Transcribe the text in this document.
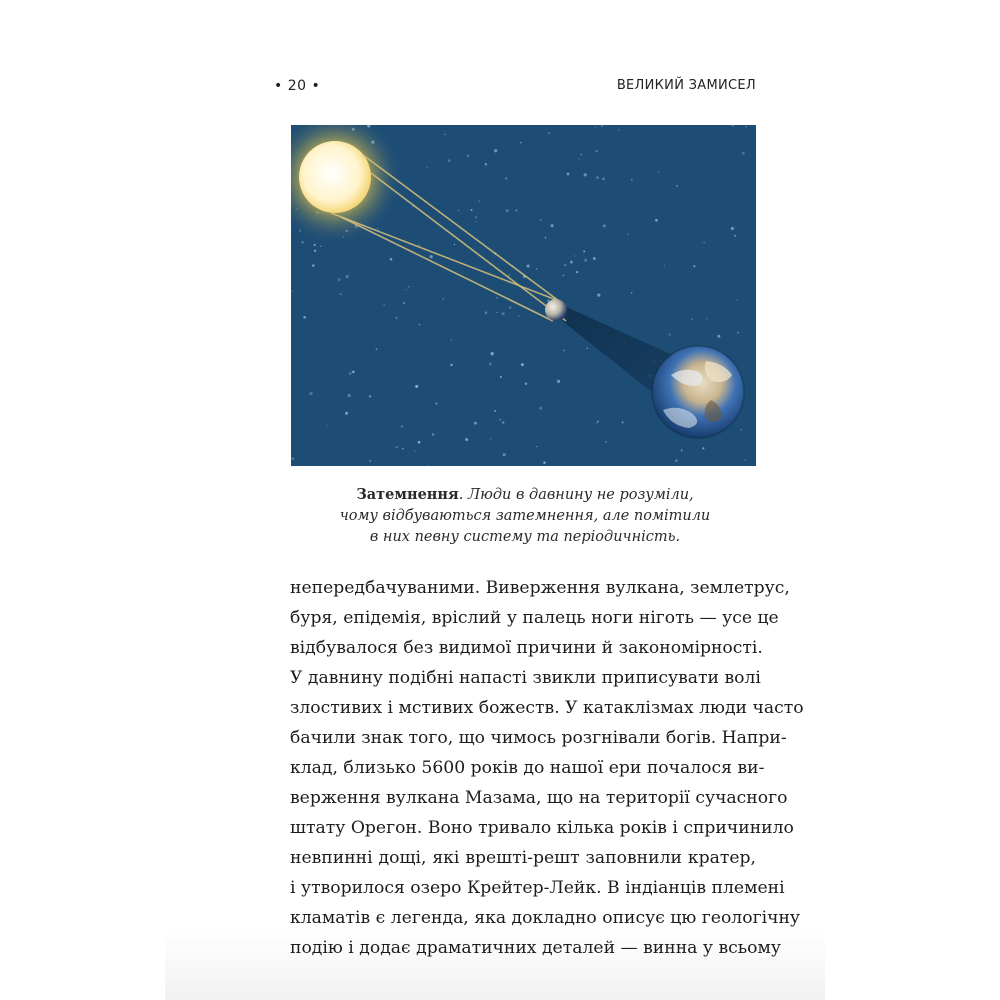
• 20 •	ВЕЛИКИЙ ЗАМИСЕЛ
Затемнення. Люди в давнину не розуміли,
чому відбуваються затемнення, але помітили
в них певну систему та періодичність.
непередбачуваними. Виверження вулкана, землетрус,
буря, епідемія, вріслий у палець ноги ніготь — усе це
відбувалося без видимої причини й закономірності.
У давнину подібні напасті звикли приписувати волі
злостивих і мстивих божеств. У катаклізмах люди часто
бачили знак того, що чимось розгнівали богів. Напри-
клад, близько 5600 років до нашої ери почалося ви-
верження вулкана Мазама, що на території сучасного
штату Орегон. Воно тривало кілька років і спричинило
невпинні дощі, які врешті-решт заповнили кратер,
і утворилося озеро Крейтер-Лейк. В індіанців племені
кламатів є легенда, яка докладно описує цю геологічну
подію і додає драматичних деталей — винна у всьому
